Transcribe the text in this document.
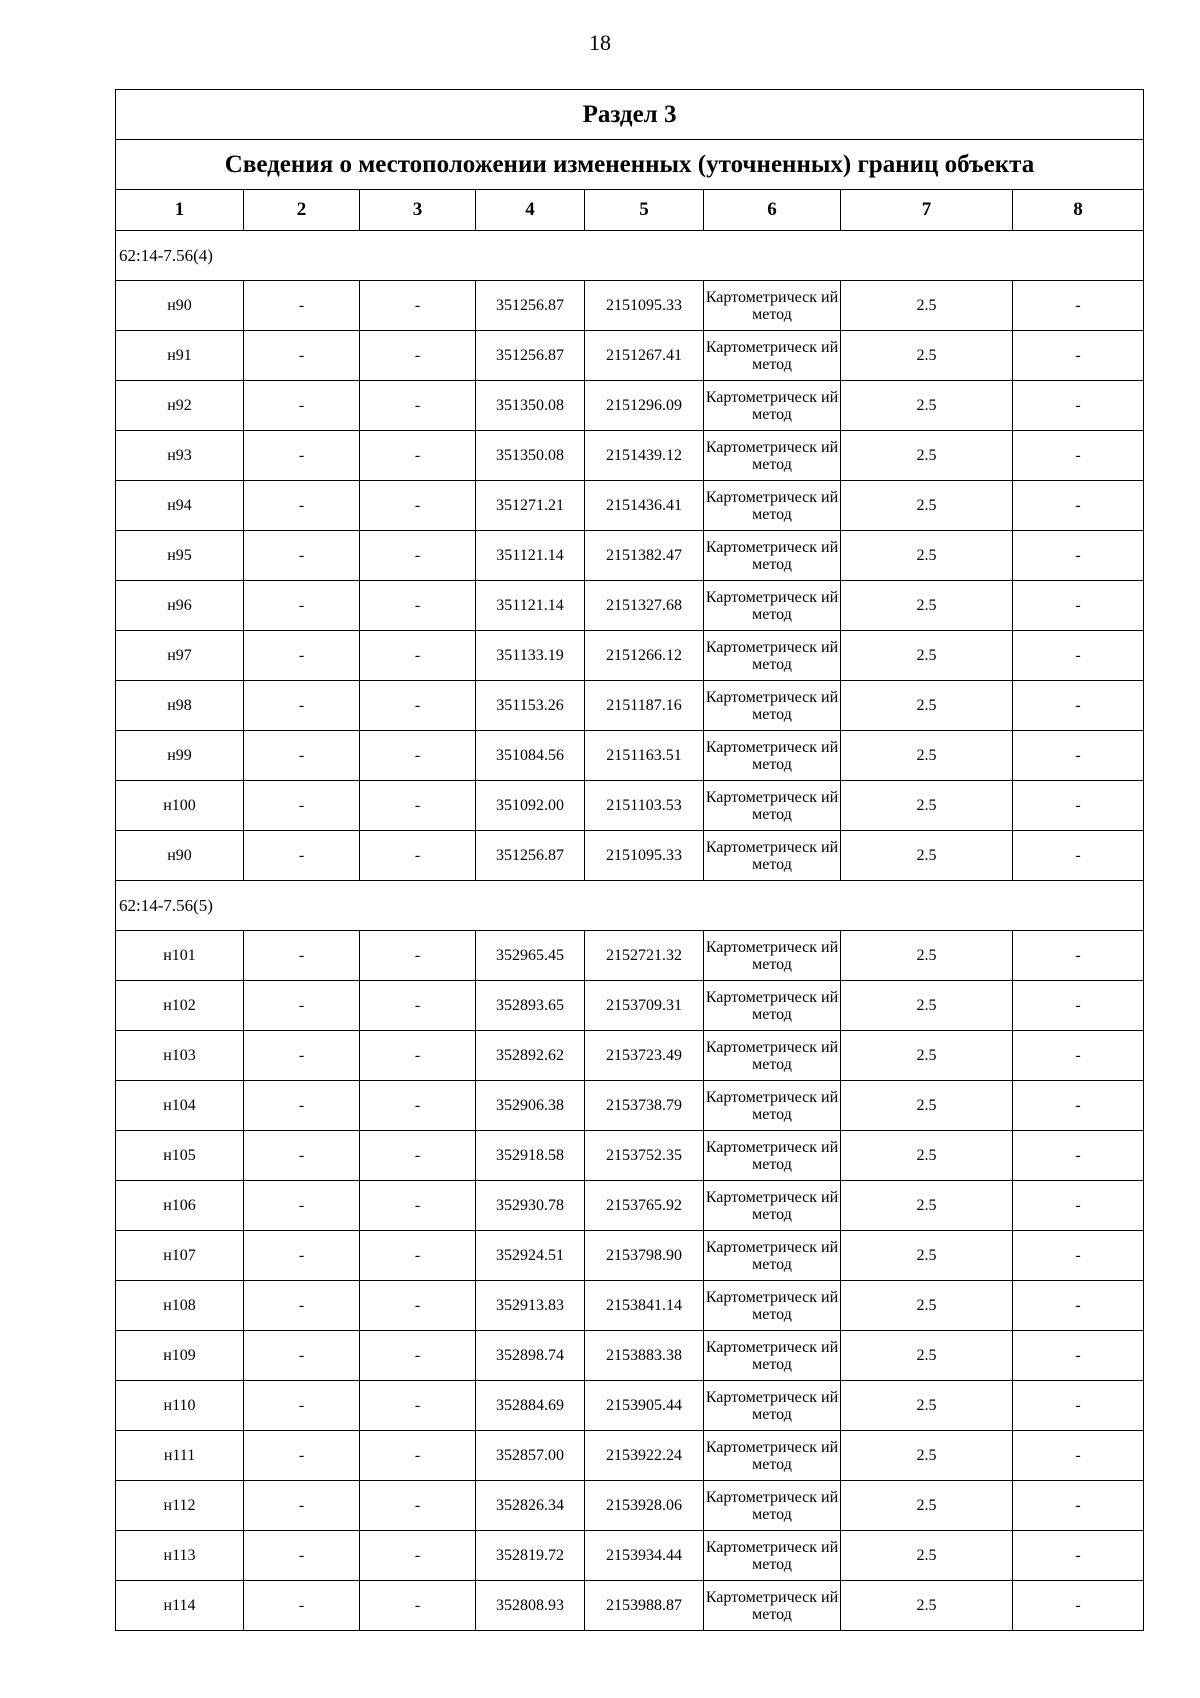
18
Раздел 3							
Сведения о местоположении измененных (уточненных) границ объекта							
1	2	3	4	5	6	7	8
62:14-7.56(4)							
н90	-	-	351256.87	2151095.33	Картометрическ ий метод	2.5	-
н91	-	-	351256.87	2151267.41	Картометрическ ий метод	2.5	-
н92	-	-	351350.08	2151296.09	Картометрическ ий метод	2.5	-
н93	-	-	351350.08	2151439.12	Картометрическ ий метод	2.5	-
н94	-	-	351271.21	2151436.41	Картометрическ ий метод	2.5	-
н95	-	-	351121.14	2151382.47	Картометрическ ий метод	2.5	-
н96	-	-	351121.14	2151327.68	Картометрическ ий метод	2.5	-
н97	-	-	351133.19	2151266.12	Картометрическ ий метод	2.5	-
н98	-	-	351153.26	2151187.16	Картометрическ ий метод	2.5	-
н99	-	-	351084.56	2151163.51	Картометрическ ий метод	2.5	-
н100	-	-	351092.00	2151103.53	Картометрическ ий метод	2.5	-
н90	-	-	351256.87	2151095.33	Картометрическ ий метод	2.5	-
62:14-7.56(5)							
н101	-	-	352965.45	2152721.32	Картометрическ ий метод	2.5	-
н102	-	-	352893.65	2153709.31	Картометрическ ий метод	2.5	-
н103	-	-	352892.62	2153723.49	Картометрическ ий метод	2.5	-
н104	-	-	352906.38	2153738.79	Картометрическ ий метод	2.5	-
н105	-	-	352918.58	2153752.35	Картометрическ ий метод	2.5	-
н106	-	-	352930.78	2153765.92	Картометрическ ий метод	2.5	-
н107	-	-	352924.51	2153798.90	Картометрическ ий метод	2.5	-
н108	-	-	352913.83	2153841.14	Картометрическ ий метод	2.5	-
н109	-	-	352898.74	2153883.38	Картометрическ ий метод	2.5	-
н110	-	-	352884.69	2153905.44	Картометрическ ий метод	2.5	-
н111	-	-	352857.00	2153922.24	Картометрическ ий метод	2.5	-
н112	-	-	352826.34	2153928.06	Картометрическ ий метод	2.5	-
н113	-	-	352819.72	2153934.44	Картометрическ ий метод	2.5	-
н114	-	-	352808.93	2153988.87	Картометрическ ий метод	2.5	-
